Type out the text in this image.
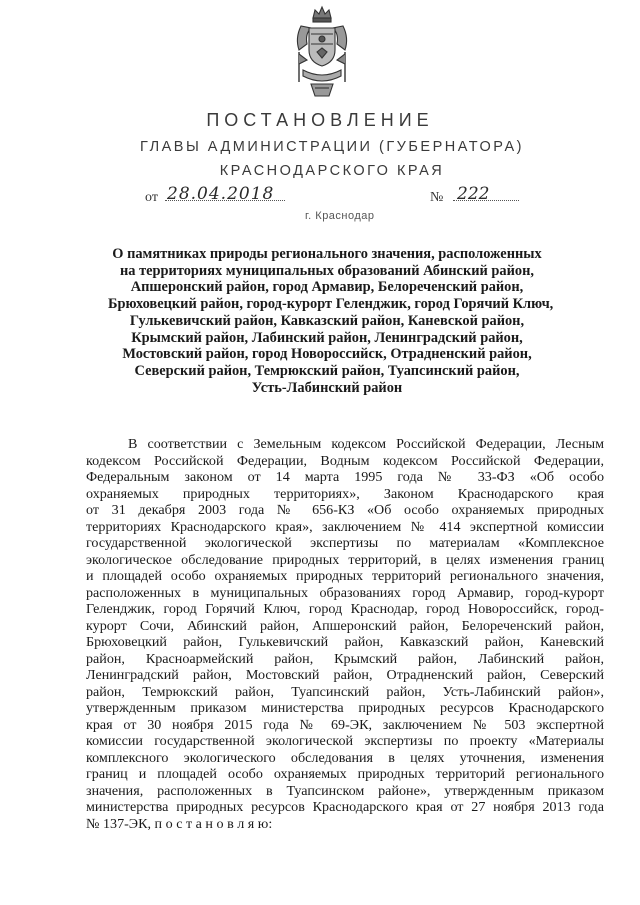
ПОСТАНОВЛЕНИЕ
ГЛАВЫ АДМИНИСТРАЦИИ (ГУБЕРНАТОРА)
КРАСНОДАРСКОГО КРАЯ
от 28.04.2018	№ 222
г. Краснодар
О памятниках природы регионального значения, расположенных
на территориях муниципальных образований Абинский район,
Апшеронский район, город Армавир, Белореченский район,
Брюховецкий район, город-курорт Геленджик, город Горячий Ключ,
Гулькевичский район, Кавказский район, Каневской район,
Крымский район, Лабинский район, Ленинградский район,
Мостовский район, город Новороссийск, Отрадненский район,
Северский район, Темрюкский район, Туапсинский район,
Усть-Лабинский район
В соответствии с Земельным кодексом Российской Федерации, Лесным
кодексом Российской Федерации, Водным кодексом Российской Федерации,
Федеральным законом от 14 марта 1995 года № 33-ФЗ «Об особо
охраняемых природных территориях», Законом Краснодарского края
от 31 декабря 2003 года № 656-КЗ «Об особо охраняемых природных
территориях Краснодарского края», заключением № 414 экспертной комиссии
государственной экологической экспертизы по материалам «Комплексное
экологическое обследование природных территорий, в целях изменения границ
и площадей особо охраняемых природных территорий регионального значения,
расположенных в муниципальных образованиях город Армавир, город-курорт
Геленджик, город Горячий Ключ, город Краснодар, город Новороссийск, город-
курорт Сочи, Абинский район, Апшеронский район, Белореченский район,
Брюховецкий район, Гулькевичский район, Кавказский район, Каневский
район, Красноармейский район, Крымский район, Лабинский район,
Ленинградский район, Мостовский район, Отрадненский район, Северский
район, Темрюкский район, Туапсинский район, Усть-Лабинский район»,
утвержденным приказом министерства природных ресурсов Краснодарского
края от 30 ноября 2015 года № 69-ЭК, заключением № 503 экспертной
комиссии государственной экологической экспертизы по проекту «Материалы
комплексного экологического обследования в целях уточнения, изменения
границ и площадей особо охраняемых природных территорий регионального
значения, расположенных в Туапсинском районе», утвержденным приказом
министерства природных ресурсов Краснодарского края от 27 ноября 2013 года
№ 137-ЭК, п о с т а н о в л я ю:
